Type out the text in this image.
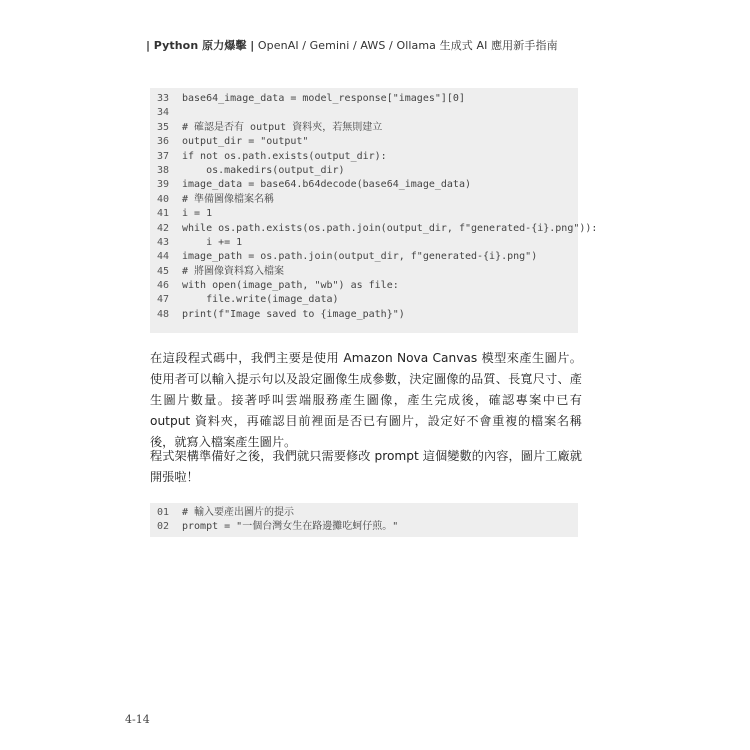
| Python 原力爆擊 | OpenAI / Gemini / AWS / Ollama 生成式 AI 應用新手指南
33	base64_image_data = model_response["images"][0]
34
35	# 確認是否有 output 資料夾，若無則建立
36	output_dir = "output"
37	if not os.path.exists(output_dir):
38	os.makedirs(output_dir)
39	image_data = base64.b64decode(base64_image_data)
40	# 準備圖像檔案名稱
41	i = 1
42	while os.path.exists(os.path.join(output_dir, f"generated-{i}.png")):
43	i += 1
44	image_path = os.path.join(output_dir, f"generated-{i}.png")
45	# 將圖像資料寫入檔案
46	with open(image_path, "wb") as file:
47	file.write(image_data)
48	print(f"Image saved to {image_path}")

在這段程式碼中，我們主要是使用 Amazon Nova Canvas 模型來產生圖片。使用者可以輸入提示句以及設定圖像生成參數，決定圖像的品質、長寬尺寸、產生圖片數量。接著呼叫雲端服務產生圖像，產生完成後，確認專案中已有 output 資料夾，再確認目前裡面是否已有圖片，設定好不會重複的檔案名稱後，就寫入檔案產生圖片。

程式架構準備好之後，我們就只需要修改 prompt 這個變數的內容，圖片工廠就開張啦！

01	# 輸入要產出圖片的提示
02	prompt = "一個台灣女生在路邊攤吃蚵仔煎。"
4-14
